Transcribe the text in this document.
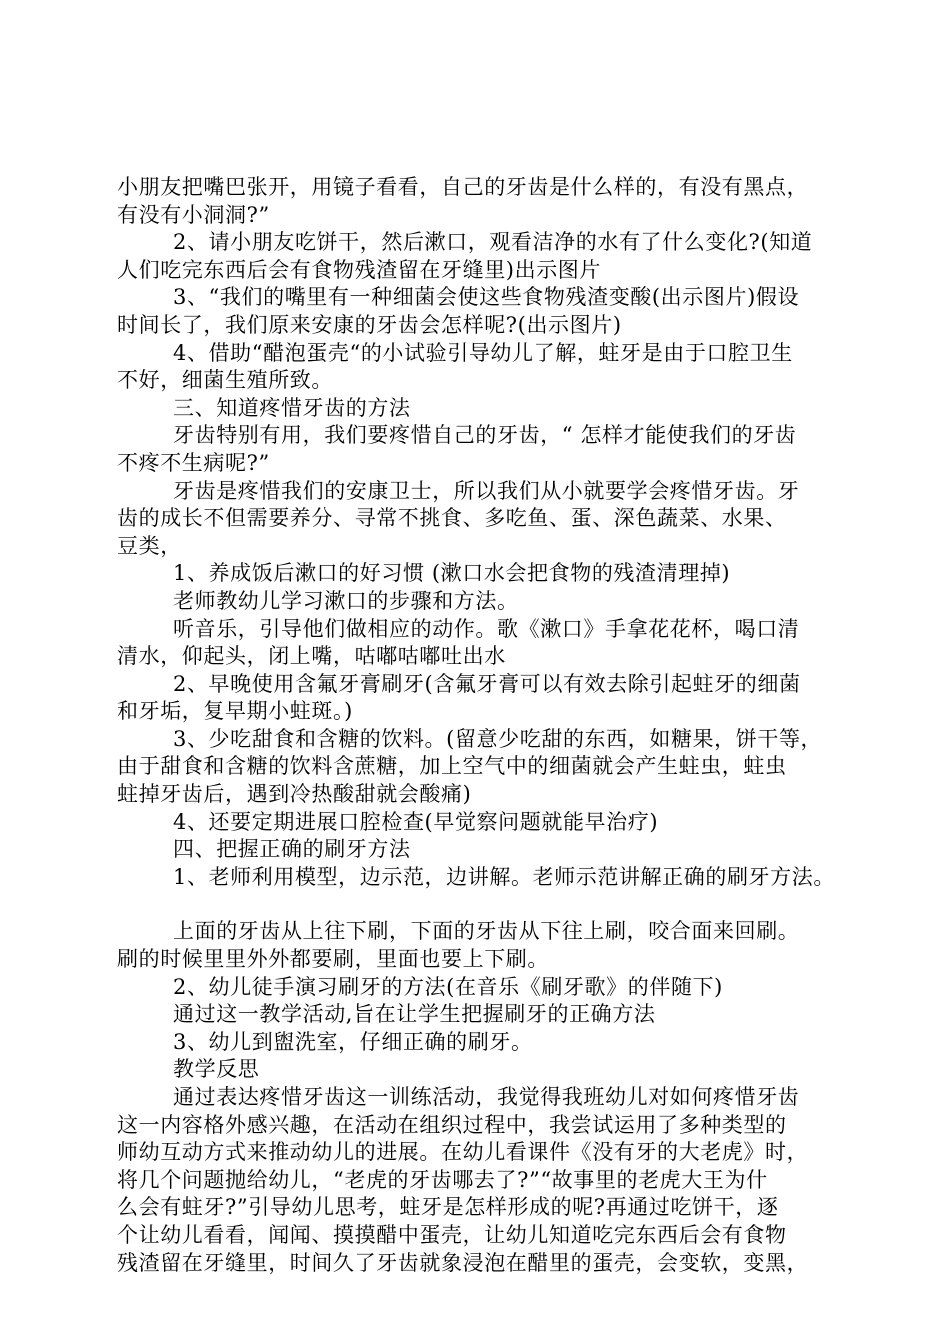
小朋友把嘴巴张开，用镜子看看，自己的牙齿是什么样的，有没有黑点，
有没有小洞洞?”
2、请小朋友吃饼干，然后漱口，观看洁净的水有了什么变化?(知道
人们吃完东西后会有食物残渣留在牙缝里)出示图片
3、“我们的嘴里有一种细菌会使这些食物残渣变酸(出示图片)假设
时间长了，我们原来安康的牙齿会怎样呢?(出示图片)
4、借助“醋泡蛋壳“的小试验引导幼儿了解，蛀牙是由于口腔卫生
不好，细菌生殖所致。
三、知道疼惜牙齿的方法
牙齿特别有用，我们要疼惜自己的牙齿，“ 怎样才能使我们的牙齿
不疼不生病呢?”
牙齿是疼惜我们的安康卫士，所以我们从小就要学会疼惜牙齿。牙
齿的成长不但需要养分、寻常不挑食、多吃鱼、蛋、深色蔬菜、水果、
豆类，
1、养成饭后漱口的好习惯 (漱口水会把食物的残渣清理掉)
老师教幼儿学习漱口的步骤和方法。
听音乐，引导他们做相应的动作。歌《漱口》手拿花花杯，喝口清
清水，仰起头，闭上嘴，咕嘟咕嘟吐出水
2、早晚使用含氟牙膏刷牙(含氟牙膏可以有效去除引起蛀牙的细菌
和牙垢，复早期小蛀斑。)
3、少吃甜食和含糖的饮料。(留意少吃甜的东西，如糖果，饼干等，
由于甜食和含糖的饮料含蔗糖，加上空气中的细菌就会产生蛀虫，蛀虫
蛀掉牙齿后，遇到冷热酸甜就会酸痛)
4、还要定期进展口腔检查(早觉察问题就能早治疗)
四、把握正确的刷牙方法
1、老师利用模型，边示范，边讲解。老师示范讲解正确的刷牙方法。
上面的牙齿从上往下刷，下面的牙齿从下往上刷，咬合面来回刷。
刷的时候里里外外都要刷，里面也要上下刷。
2、幼儿徒手演习刷牙的方法(在音乐《刷牙歌》的伴随下)
通过这一教学活动,旨在让学生把握刷牙的正确方法
3、幼儿到盥洗室，仔细正确的刷牙。
教学反思
通过表达疼惜牙齿这一训练活动，我觉得我班幼儿对如何疼惜牙齿
这一内容格外感兴趣，在活动在组织过程中，我尝试运用了多种类型的
师幼互动方式来推动幼儿的进展。在幼儿看课件《没有牙的大老虎》时，
将几个问题抛给幼儿，“老虎的牙齿哪去了?”“故事里的老虎大王为什
么会有蛀牙?”引导幼儿思考，蛀牙是怎样形成的呢?再通过吃饼干，逐
个让幼儿看看，闻闻、摸摸醋中蛋壳，让幼儿知道吃完东西后会有食物
残渣留在牙缝里，时间久了牙齿就象浸泡在醋里的蛋壳，会变软，变黑，
